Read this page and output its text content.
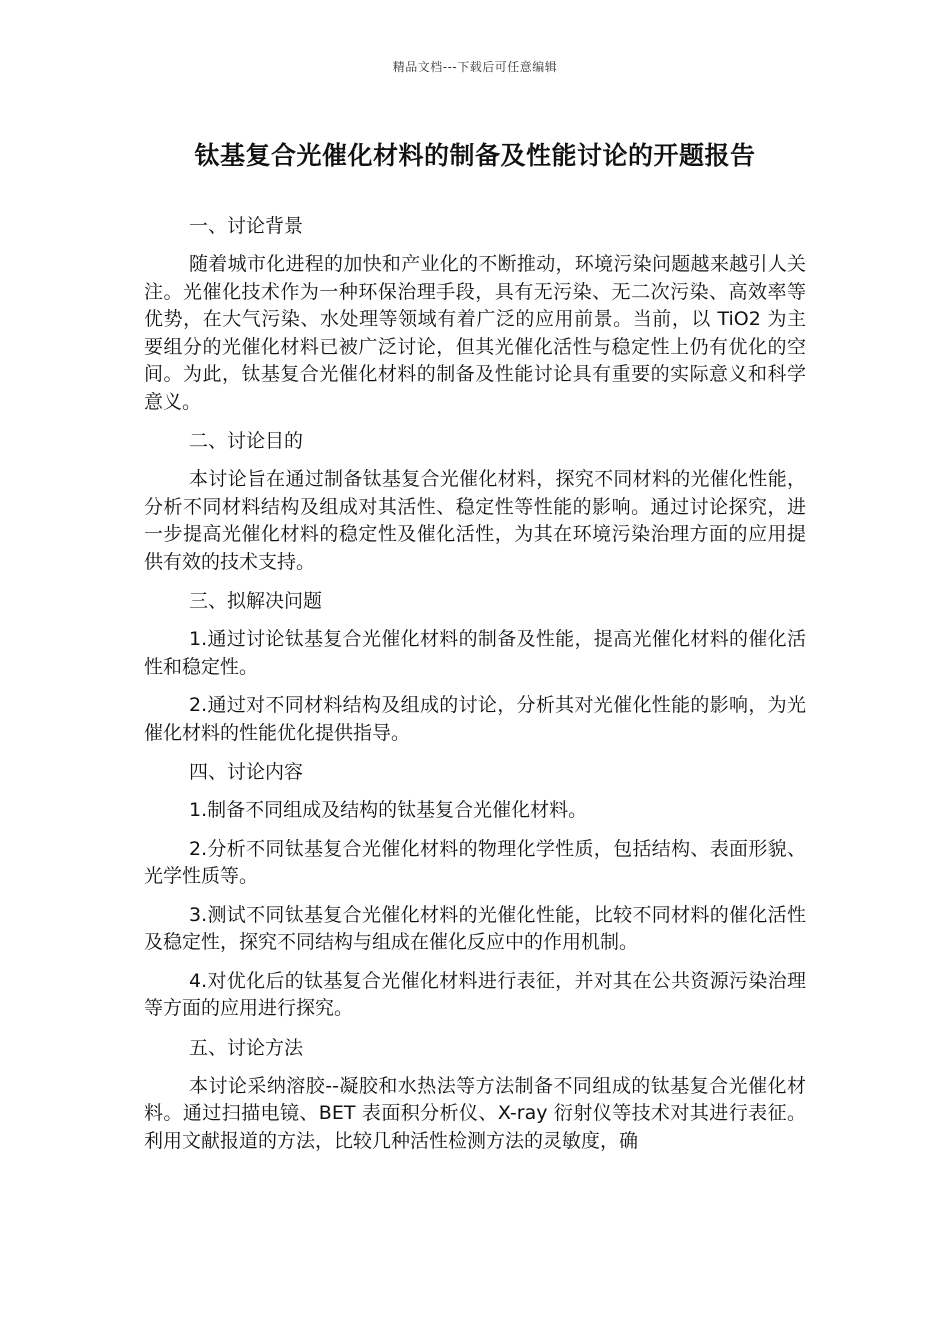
精品文档---下载后可任意编辑
钛基复合光催化材料的制备及性能讨论的开题报告
一、讨论背景

随着城市化进程的加快和产业化的不断推动，环境污染问题越来越引人关注。光催化技术作为一种环保治理手段，具有无污染、无二次污染、高效率等优势，在大气污染、水处理等领域有着广泛的应用前景。当前，以 TiO2 为主要组分的光催化材料已被广泛讨论，但其光催化活性与稳定性上仍有优化的空间。为此，钛基复合光催化材料的制备及性能讨论具有重要的实际意义和科学意义。

二、讨论目的

本讨论旨在通过制备钛基复合光催化材料，探究不同材料的光催化性能，分析不同材料结构及组成对其活性、稳定性等性能的影响。通过讨论探究，进一步提高光催化材料的稳定性及催化活性，为其在环境污染治理方面的应用提供有效的技术支持。

三、拟解决问题

1.通过讨论钛基复合光催化材料的制备及性能，提高光催化材料的催化活性和稳定性。

2.通过对不同材料结构及组成的讨论，分析其对光催化性能的影响，为光催化材料的性能优化提供指导。

四、讨论内容

1.制备不同组成及结构的钛基复合光催化材料。

2.分析不同钛基复合光催化材料的物理化学性质，包括结构、表面形貌、光学性质等。

3.测试不同钛基复合光催化材料的光催化性能，比较不同材料的催化活性及稳定性，探究不同结构与组成在催化反应中的作用机制。

4.对优化后的钛基复合光催化材料进行表征，并对其在公共资源污染治理等方面的应用进行探究。

五、讨论方法

本讨论采纳溶胶--凝胶和水热法等方法制备不同组成的钛基复合光催化材料。通过扫描电镜、BET 表面积分析仪、X-ray 衍射仪等技术对其进行表征。利用文献报道的方法，比较几种活性检测方法的灵敏度，确
